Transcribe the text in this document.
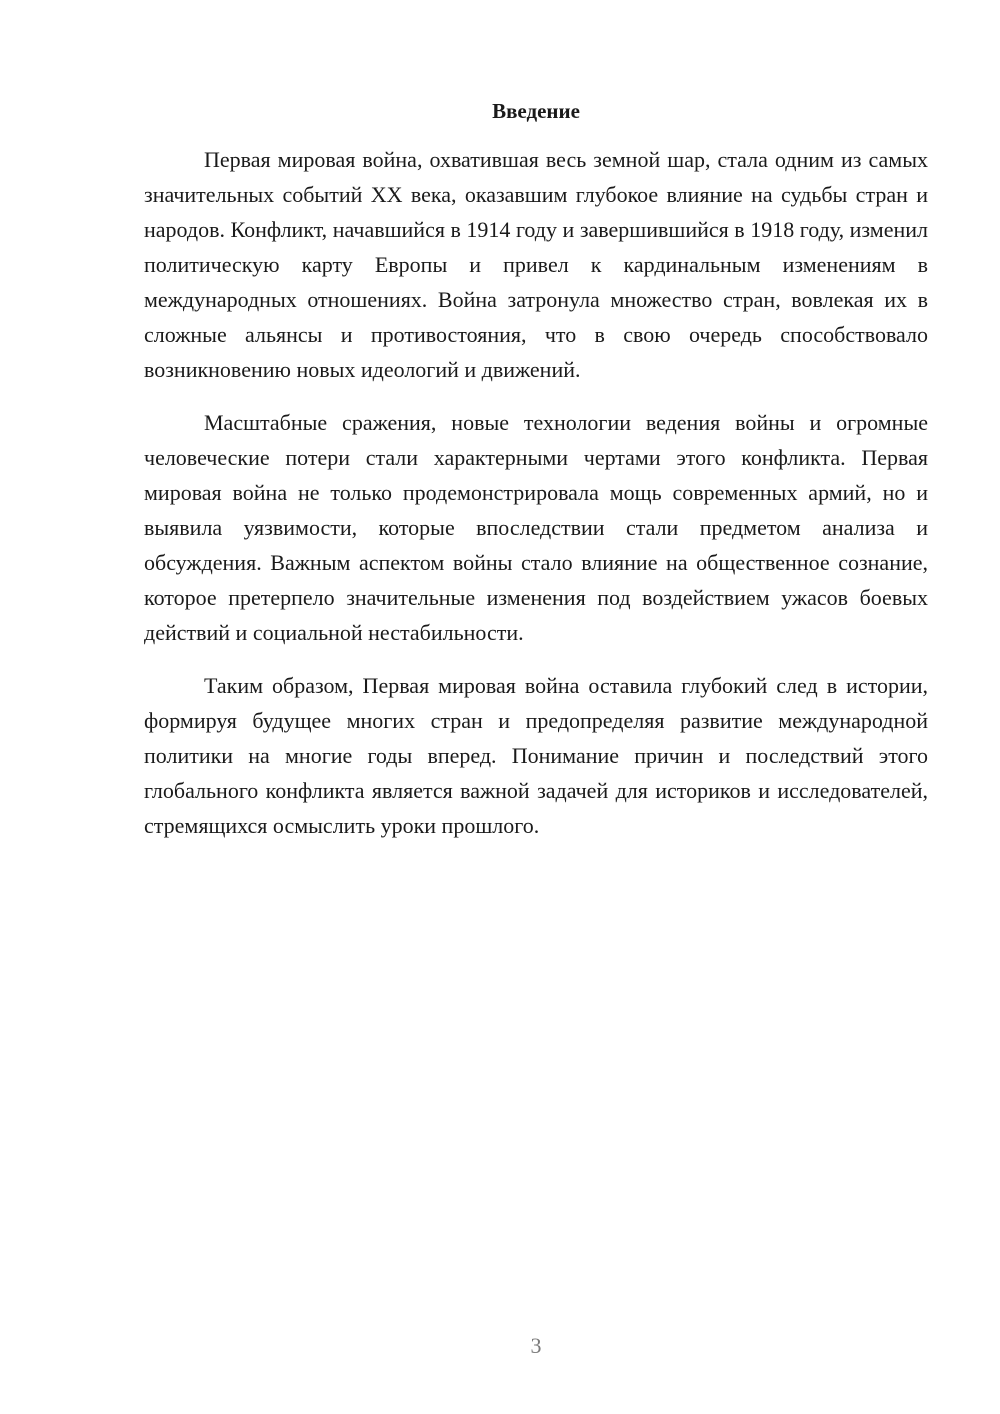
Введение

Первая мировая война, охватившая весь земной шар, стала одним из самых значительных событий XX века, оказавшим глубокое влияние на судьбы стран и народов. Конфликт, начавшийся в 1914 году и завершившийся в 1918 году, изменил политическую карту Европы и привел к кардинальным изменениям в международных отношениях. Война затронула множество стран, вовлекая их в сложные альянсы и противостояния, что в свою очередь способствовало возникновению новых идеологий и движений.

Масштабные сражения, новые технологии ведения войны и огромные человеческие потери стали характерными чертами этого конфликта. Первая мировая война не только продемонстрировала мощь современных армий, но и выявила уязвимости, которые впоследствии стали предметом анализа и обсуждения. Важным аспектом войны стало влияние на общественное сознание, которое претерпело значительные изменения под воздействием ужасов боевых действий и социальной нестабильности.

Таким образом, Первая мировая война оставила глубокий след в истории, формируя будущее многих стран и предопределяя развитие международной политики на многие годы вперед. Понимание причин и последствий этого глобального конфликта является важной задачей для историков и исследователей, стремящихся осмыслить уроки прошлого.

3
